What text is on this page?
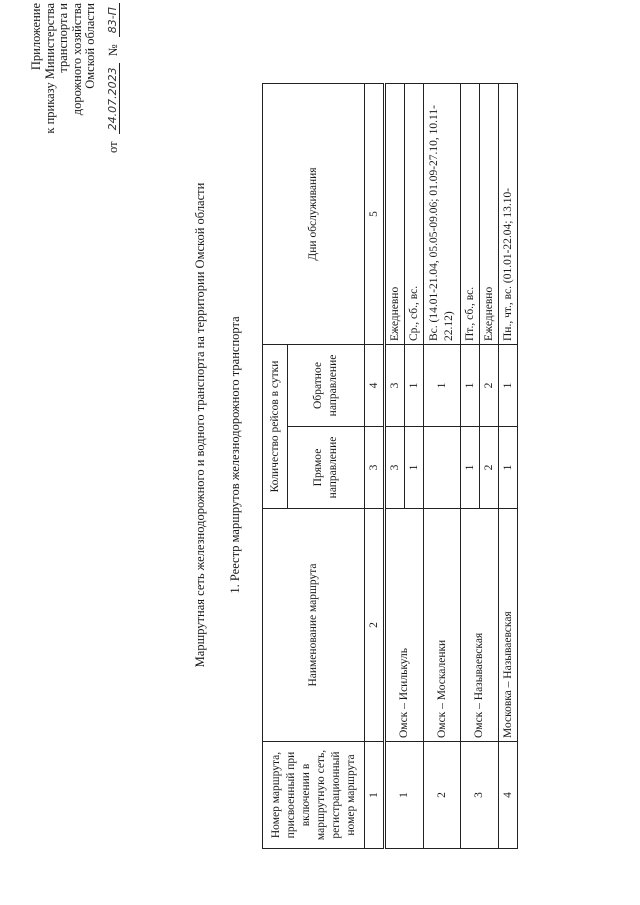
Приложение к приказу Министерства транспорта и дорожного хозяйства Омской области
от
24.07.2023
№
83-П
Маршрутная сеть железнодорожного и водного транспорта на территории Омской области 1. Реестр маршрутов железнодорожного транспорта
Номер маршрута, присвоенный при включении в маршрутную сеть, регистрационный номер маршрута	Наименование маршрута	Количество рейсов в сутки		Дни обслуживания
		Прямое направление	Обратное направление	
1	2	3	4	5
1	Омск – Исилькуль	3	3	Ежедневно
		1	1	Ср., сб., вс.
2	Омск – Москаленки		1	Вс. (14.01-21.04, 05.05-09.06; 01.09-27.10, 10.11-22.12)
3	Омск – Называевская	1	1	Пт., сб., вс.
		2	2	Ежедневно
4	Московка – Называевская	1	1	Пн., чт., вс. (01.01-22.04; 13.10-
